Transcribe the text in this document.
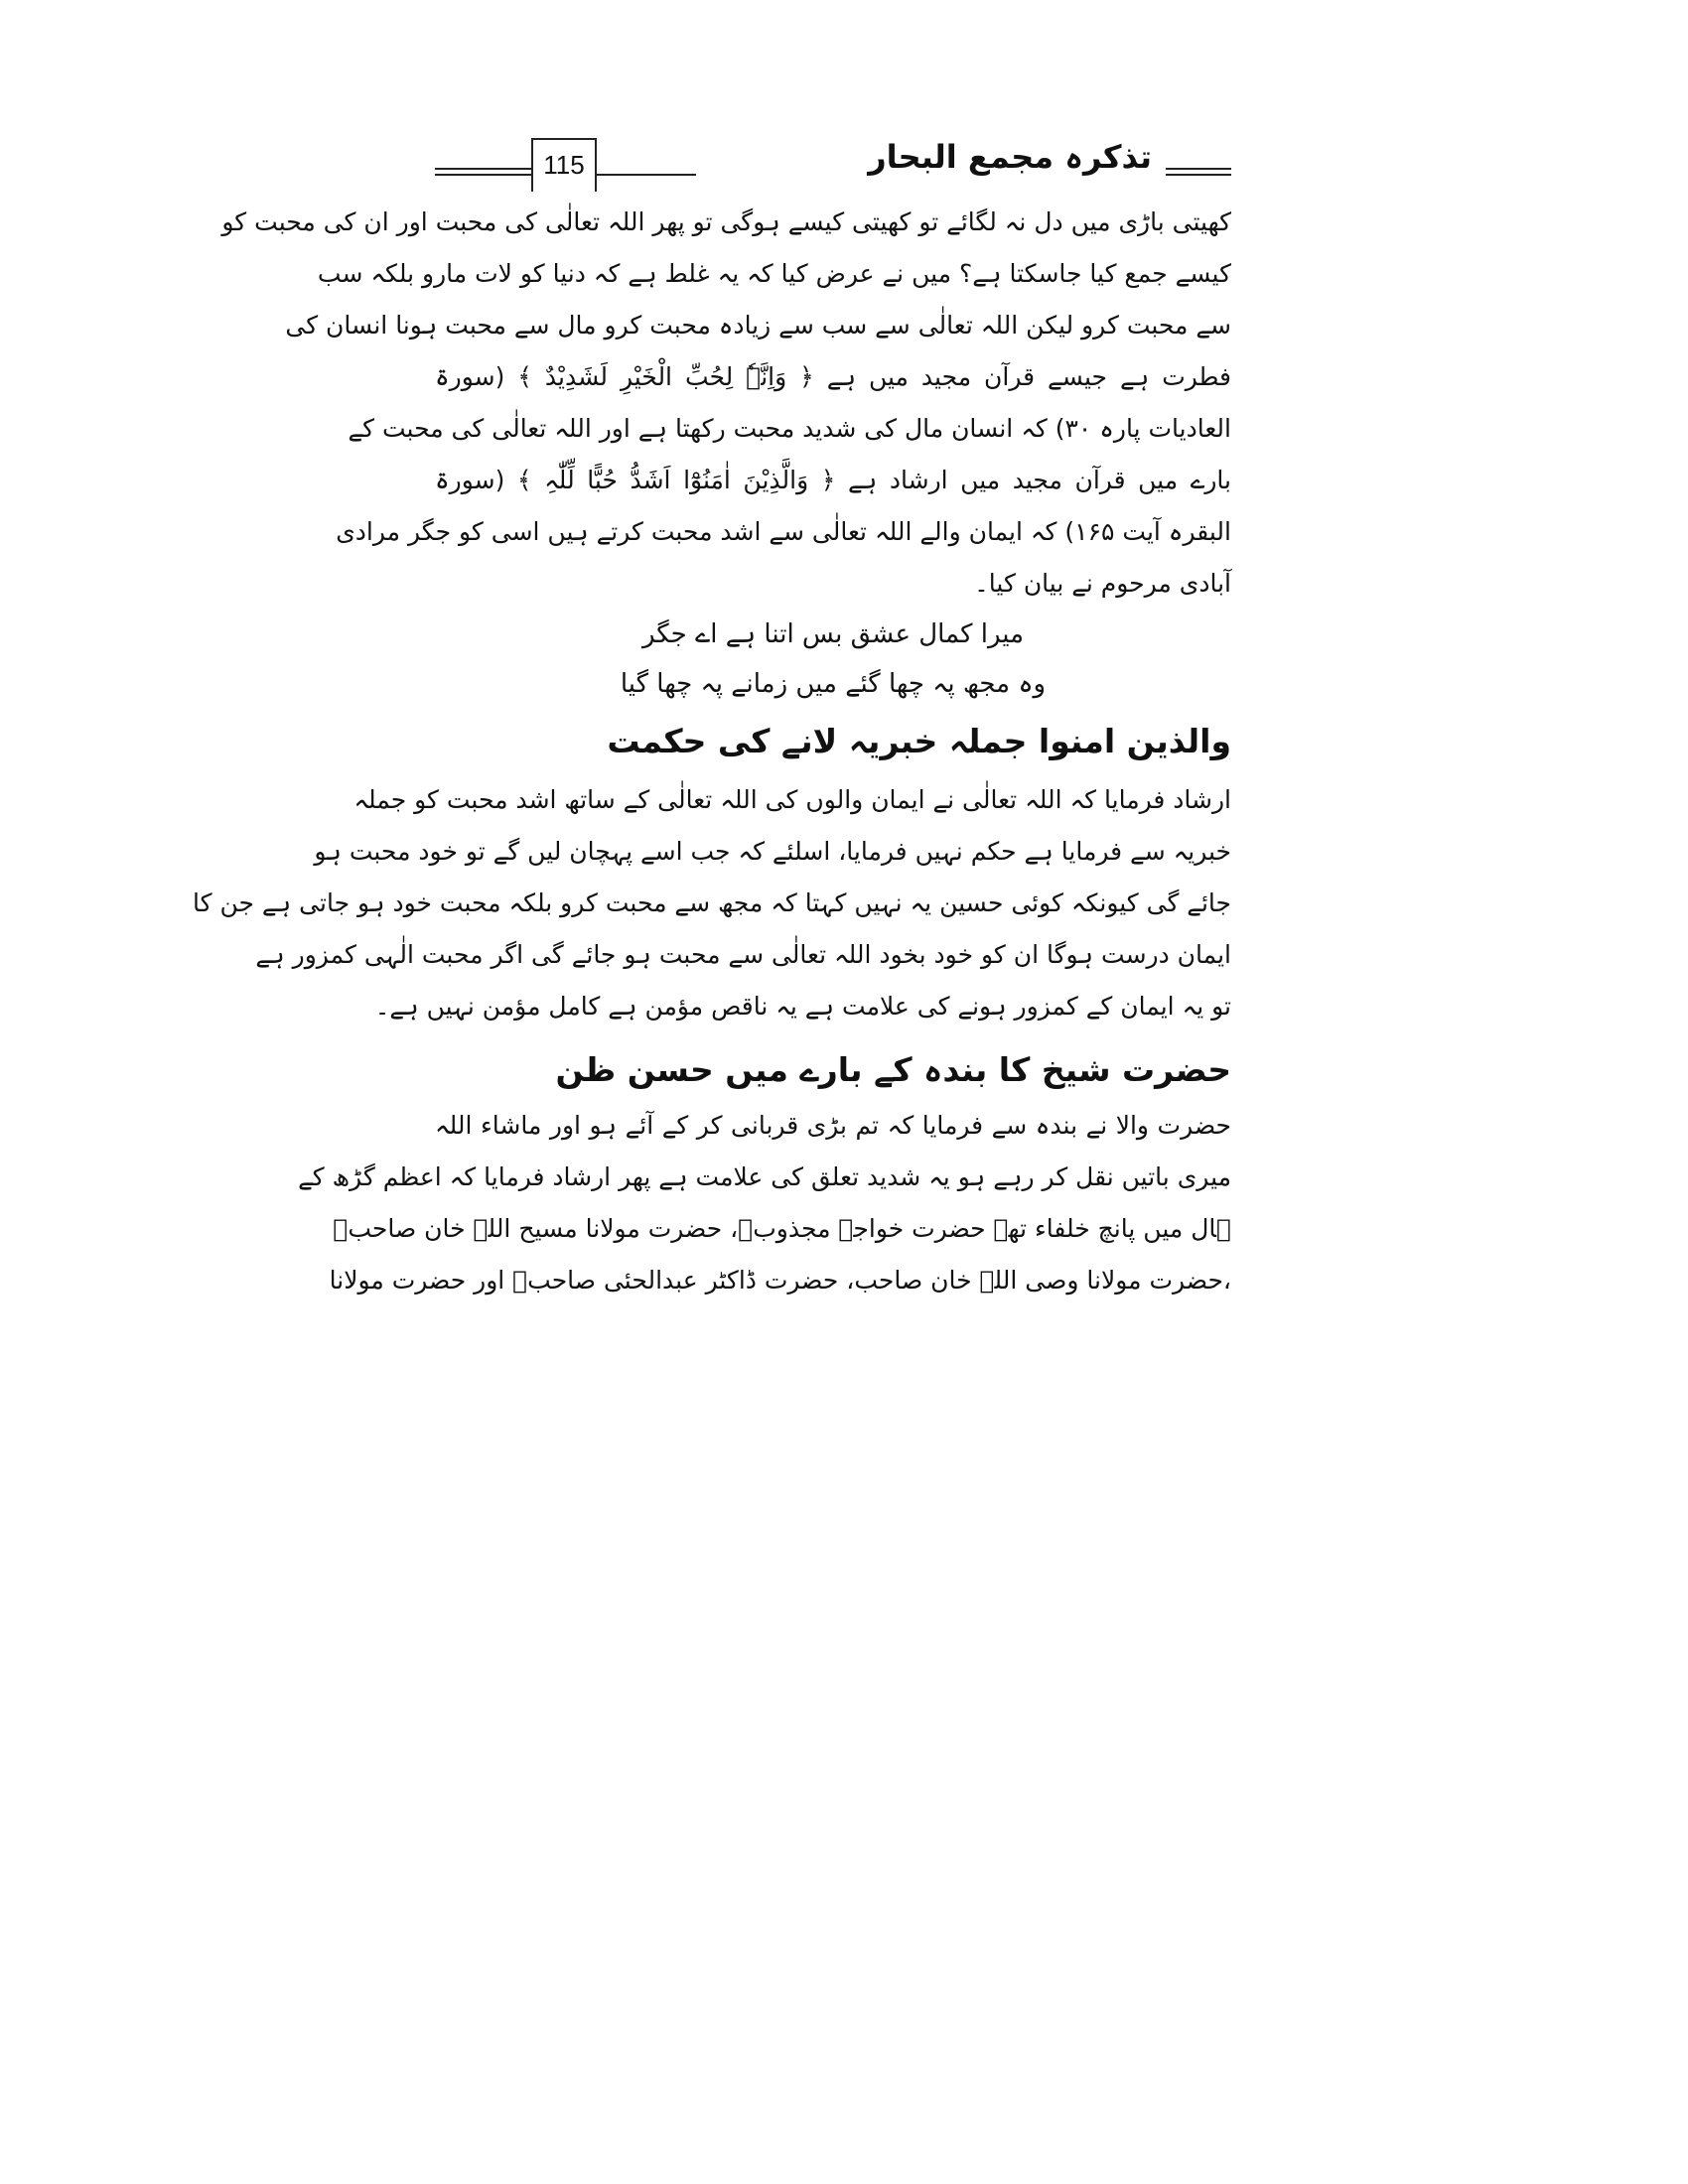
115	تذکرہ مجمع البحار
کھیتی باڑی میں دل نہ لگائے تو کھیتی کیسے ہوگی تو پھر اللہ تعالٰی کی محبت اور ان کی محبت کو
کیسے جمع کیا جاسکتا ہے؟ میں نے عرض کیا کہ یہ غلط ہے کہ دنیا کو لات مارو بلکہ سب
سے محبت کرو لیکن اللہ تعالٰی سے سب سے زیادہ محبت کرو مال سے محبت ہونا انسان کی
فطرت ہے جیسے قرآن مجید میں ہے ﴿ وَاِنَّہٗ لِحُبِّ الْخَیْرِ لَشَدِیْدٌ ﴾ (سورۃ
العادیات پارہ ۳۰) کہ انسان مال کی شدید محبت رکھتا ہے اور اللہ تعالٰی کی محبت کے
بارے میں قرآن مجید میں ارشاد ہے ﴿ وَالَّذِیْنَ اٰمَنُوْٓا اَشَدُّ حُبًّا لِّلّٰہِ ﴾ (سورۃ
البقرہ آیت ۱۶۵) کہ ایمان والے اللہ تعالٰی سے اشد محبت کرتے ہیں اسی کو جگر مرادی
آبادی مرحوم نے بیان کیا۔
میرا کمال عشق بس اتنا ہے اے جگر
وہ مجھ پہ چھا گئے میں زمانے پہ چھا گیا
والذین امنوا جملہ خبریہ لانے کی حکمت
ارشاد فرمایا کہ اللہ تعالٰی نے ایمان والوں کی اللہ تعالٰی کے ساتھ اشد محبت کو جملہ
خبریہ سے فرمایا ہے حکم نہیں فرمایا، اسلئے کہ جب اسے پہچان لیں گے تو خود محبت ہو
جائے گی کیونکہ کوئی حسین یہ نہیں کہتا کہ مجھ سے محبت کرو بلکہ محبت خود ہو جاتی ہے جن کا
ایمان درست ہوگا ان کو خود بخود اللہ تعالٰی سے محبت ہو جائے گی اگر محبت الٰہی کمزور ہے
تو یہ ایمان کے کمزور ہونے کی علامت ہے یہ ناقص مؤمن ہے کامل مؤمن نہیں ہے۔
حضرت شیخ کا بندہ کے بارے میں حسن ظن
حضرت والا نے بندہ سے فرمایا کہ تم بڑی قربانی کر کے آئے ہو اور ماشاء اللہ
میری باتیں نقل کر رہے ہو یہ شدید تعلق کی علامت ہے پھر ارشاد فرمایا کہ اعظم گڑھ کے
ہال میں پانچ خلفاء تھے حضرت خواجہ مجذوبؒ، حضرت مولانا مسیح اللہ خان صاحبؒ
،حضرت مولانا وصی اللہ خان صاحب، حضرت ڈاکٹر عبدالحئی صاحبؒ اور حضرت مولانا
